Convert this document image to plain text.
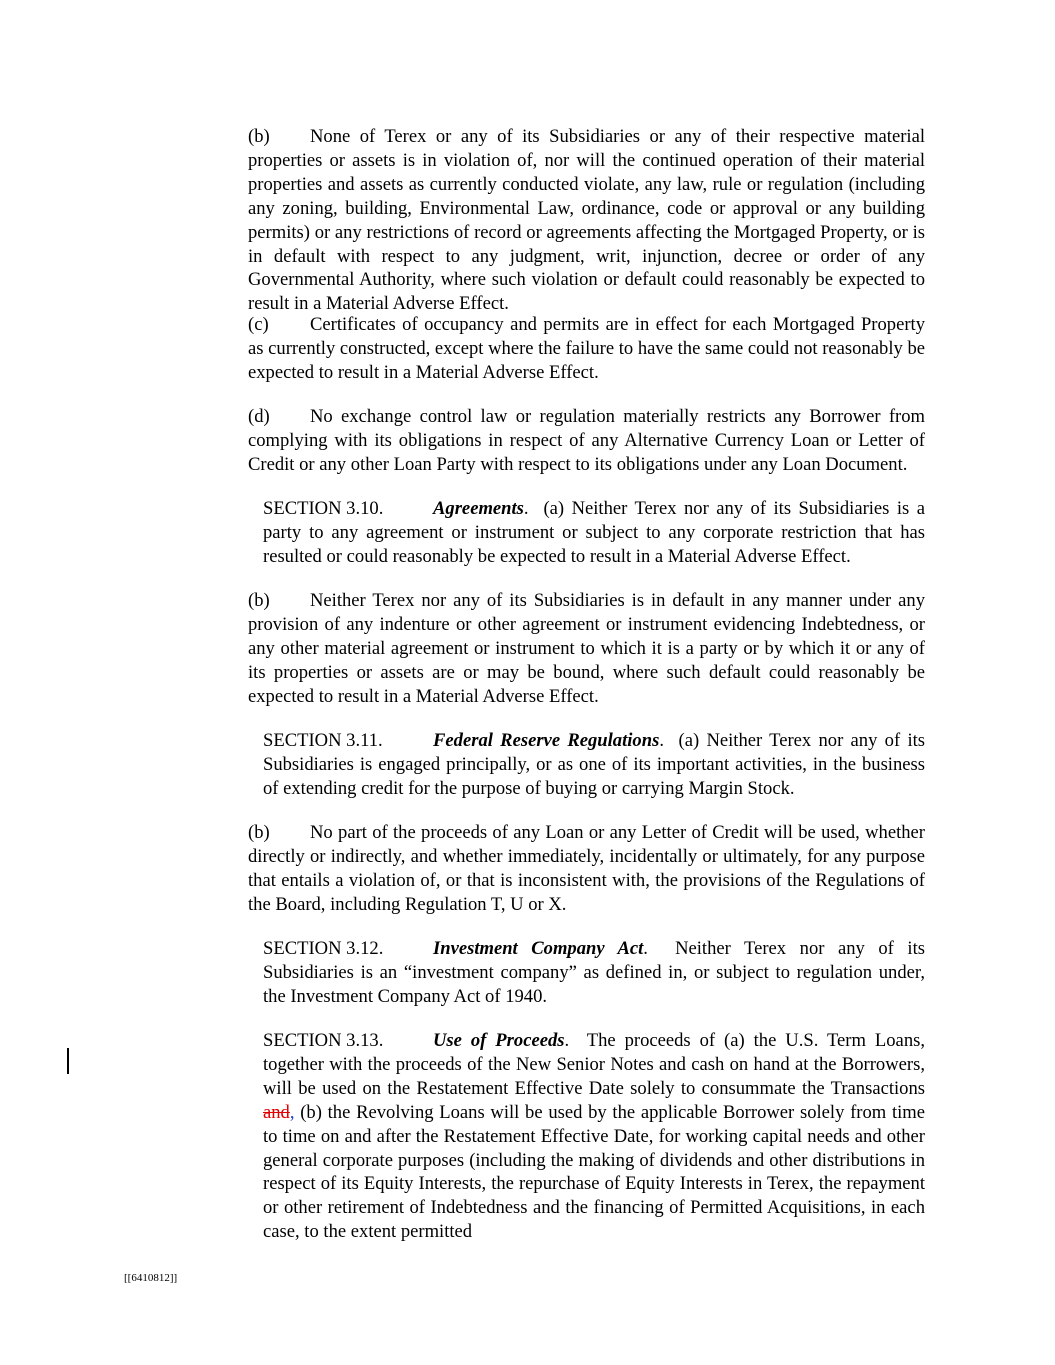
(b) None of Terex or any of its Subsidiaries or any of their respective material properties or assets is in violation of, nor will the continued operation of their material properties and assets as currently conducted violate, any law, rule or regulation (including any zoning, building, Environmental Law, ordinance, code or approval or any building permits) or any restrictions of record or agreements affecting the Mortgaged Property, or is in default with respect to any judgment, writ, injunction, decree or order of any Governmental Authority, where such violation or default could reasonably be expected to result in a Material Adverse Effect.

(c) Certificates of occupancy and permits are in effect for each Mortgaged Property as currently constructed, except where the failure to have the same could not reasonably be expected to result in a Material Adverse Effect.

(d) No exchange control law or regulation materially restricts any Borrower from complying with its obligations in respect of any Alternative Currency Loan or Letter of Credit or any other Loan Party with respect to its obligations under any Loan Document.

SECTION 3.10.	Agreements.  (a) Neither Terex nor any of its Subsidiaries is a party to any agreement or instrument or subject to any corporate restriction that has resulted or could reasonably be expected to result in a Material Adverse Effect.

(b) Neither Terex nor any of its Subsidiaries is in default in any manner under any provision of any indenture or other agreement or instrument evidencing Indebtedness, or any other material agreement or instrument to which it is a party or by which it or any of its properties or assets are or may be bound, where such default could reasonably be expected to result in a Material Adverse Effect.

SECTION 3.11.	Federal Reserve Regulations.  (a) Neither Terex nor any of its Subsidiaries is engaged principally, or as one of its important activities, in the business of extending credit for the purpose of buying or carrying Margin Stock.

(b) No part of the proceeds of any Loan or any Letter of Credit will be used, whether directly or indirectly, and whether immediately, incidentally or ultimately, for any purpose that entails a violation of, or that is inconsistent with, the provisions of the Regulations of the Board, including Regulation T, U or X.

SECTION 3.12.	Investment Company Act.  Neither Terex nor any of its Subsidiaries is an “investment company” as defined in, or subject to regulation under, the Investment Company Act of 1940.

SECTION 3.13.	Use of Proceeds.  The proceeds of (a) the U.S. Term Loans, together with the proceeds of the New Senior Notes and cash on hand at the Borrowers, will be used on the Restatement Effective Date solely to consummate the Transactions and, (b) the Revolving Loans will be used by the applicable Borrower solely from time to time on and after the Restatement Effective Date, for working capital needs and other general corporate purposes (including the making of dividends and other distributions in respect of its Equity Interests, the repurchase of Equity Interests in Terex, the repayment or other retirement of Indebtedness and the financing of Permitted Acquisitions, in each case, to the extent permitted

[[6410812]]
